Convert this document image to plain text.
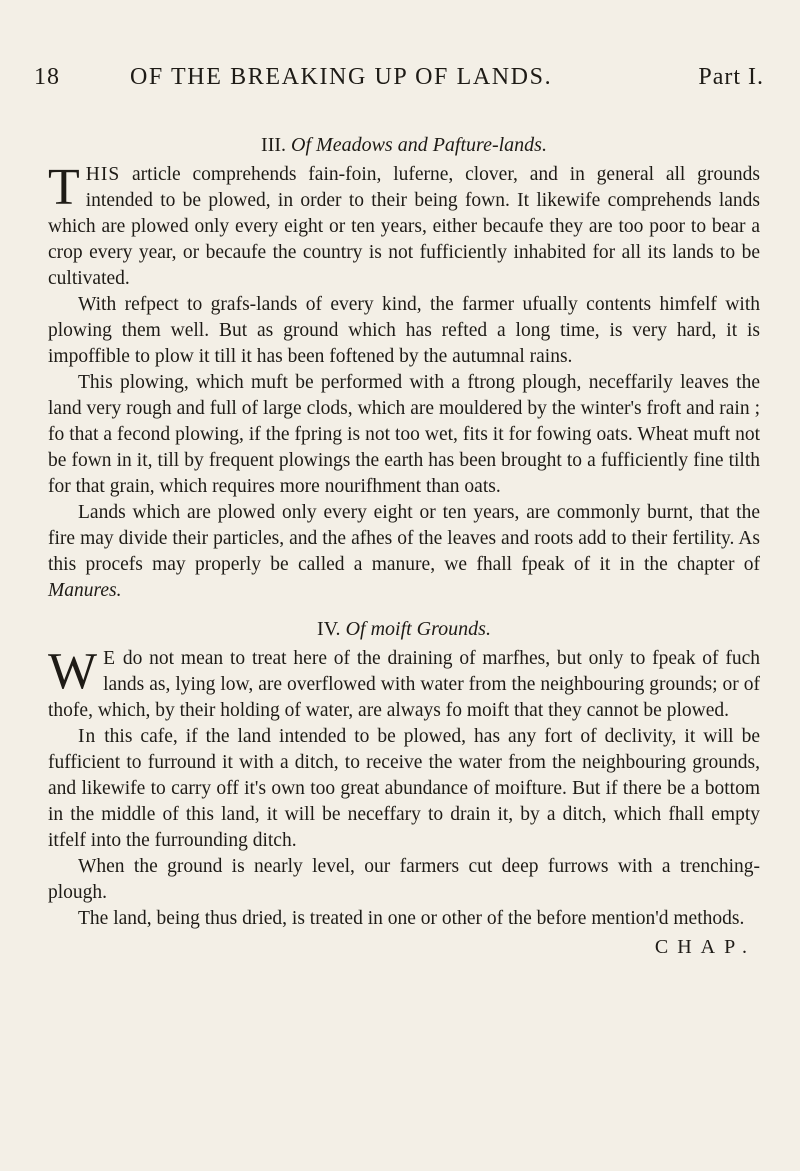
18	OF THE BREAKING UP OF LANDS.	Part I.
III. Of Meadows and Pafture-lands.

THIS article comprehends fain-foin, luferne, clover, and in general all grounds intended to be plowed, in order to their being fown. It likewife comprehends lands which are plowed only every eight or ten years, either becaufe they are too poor to bear a crop every year, or becaufe the country is not fufficiently inhabited for all its lands to be cultivated.

With refpect to grafs-lands of every kind, the farmer ufually contents himfelf with plowing them well. But as ground which has refted a long time, is very hard, it is impoffible to plow it till it has been foftened by the autumnal rains.

This plowing, which muft be performed with a ftrong plough, neceffarily leaves the land very rough and full of large clods, which are mouldered by the winter's froft and rain ; fo that a fecond plowing, if the fpring is not too wet, fits it for fowing oats. Wheat muft not be fown in it, till by frequent plowings the earth has been brought to a fufficiently fine tilth for that grain, which requires more nourifhment than oats.

Lands which are plowed only every eight or ten years, are commonly burnt, that the fire may divide their particles, and the afhes of the leaves and roots add to their fertility. As this procefs may properly be called a manure, we fhall fpeak of it in the chapter of Manures.

IV. Of moift Grounds.

W E do not mean to treat here of the draining of marfhes, but only to fpeak of fuch lands as, lying low, are overflowed with water from the neighbouring grounds; or of thofe, which, by their holding of water, are always fo moift that they cannot be plowed.

In this cafe, if the land intended to be plowed, has any fort of declivity, it will be fufficient to furround it with a ditch, to receive the water from the neighbouring grounds, and likewife to carry off it's own too great abundance of moifture. But if there be a bottom in the middle of this land, it will be neceffary to drain it, by a ditch, which fhall empty itfelf into the furrounding ditch.

When the ground is nearly level, our farmers cut deep furrows with a trenching-plough.

The land, being thus dried, is treated in one or other of the before mention'd methods.

CHAP.
